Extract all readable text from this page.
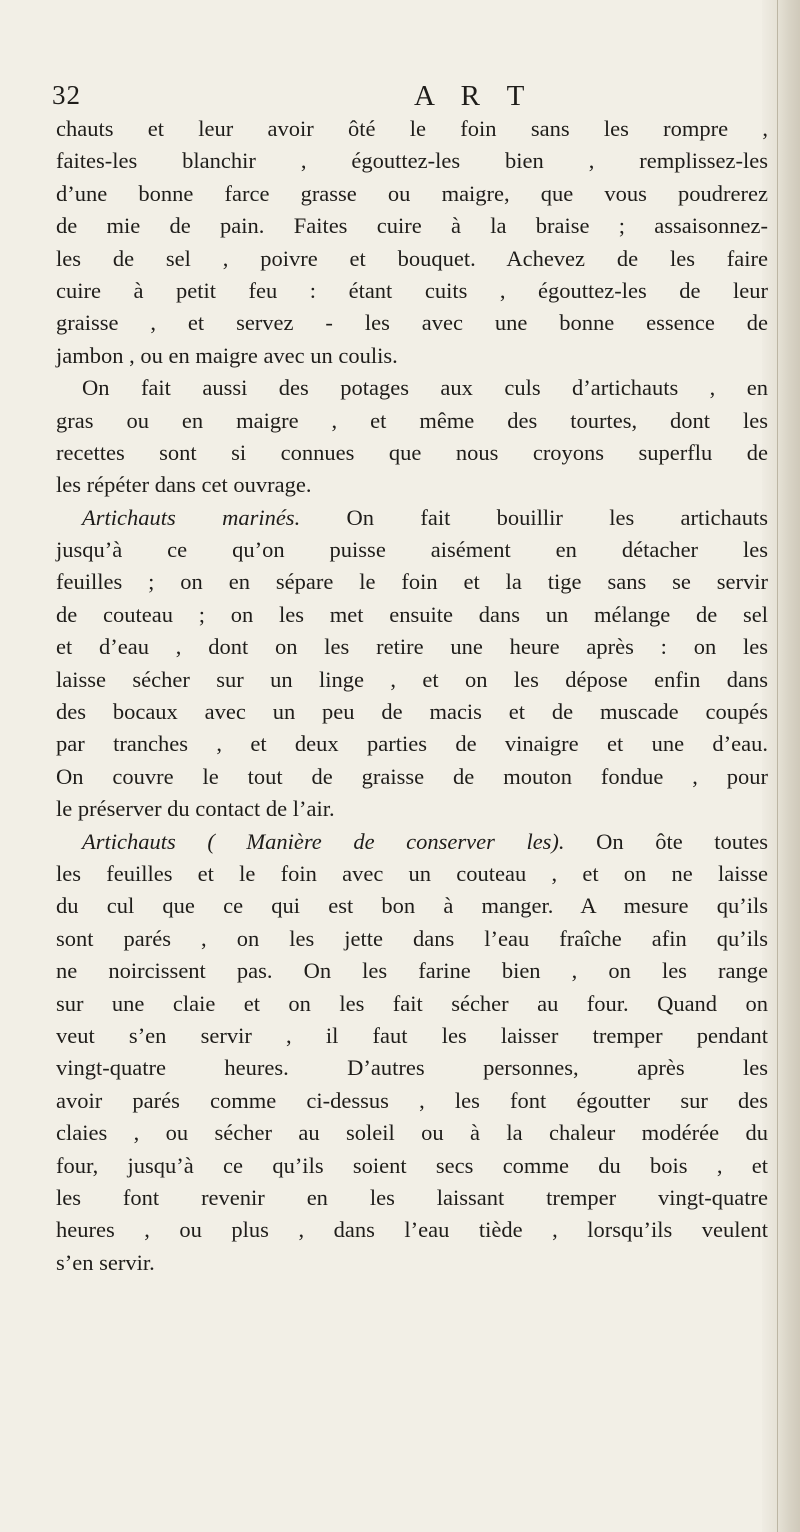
32	A R T
chauts et leur avoir ôté le foin sans les rompre ,
faites-les blanchir , égouttez-les bien , remplissez-les
d’une bonne farce grasse ou maigre, que vous poudrerez
de mie de pain. Faites cuire à la braise ; assaisonnez-
les de sel , poivre et bouquet. Achevez de les faire
cuire à petit feu : étant cuits , égouttez-les de leur
graisse , et servez - les avec une bonne essence de
jambon , ou en maigre avec un coulis.
On fait aussi des potages aux culs d’artichauts , en
gras ou en maigre , et même des tourtes, dont les
recettes sont si connues que nous croyons superflu de
les répéter dans cet ouvrage.
Artichauts marinés. On fait bouillir les artichauts
jusqu’à ce qu’on puisse aisément en détacher les
feuilles ; on en sépare le foin et la tige sans se servir
de couteau ; on les met ensuite dans un mélange de sel
et d’eau , dont on les retire une heure après : on les
laisse sécher sur un linge , et on les dépose enfin dans
des bocaux avec un peu de macis et de muscade coupés
par tranches , et deux parties de vinaigre et une d’eau.
On couvre le tout de graisse de mouton fondue , pour
le préserver du contact de l’air.
Artichauts ( Manière de conserver les). On ôte toutes
les feuilles et le foin avec un couteau , et on ne laisse
du cul que ce qui est bon à manger. A mesure qu’ils
sont parés , on les jette dans l’eau fraîche afin qu’ils
ne noircissent pas. On les farine bien , on les range
sur une claie et on les fait sécher au four. Quand on
veut s’en servir , il faut les laisser tremper pendant
vingt-quatre heures. D’autres personnes, après les
avoir parés comme ci-dessus , les font égoutter sur des
claies , ou sécher au soleil ou à la chaleur modérée du
four, jusqu’à ce qu’ils soient secs comme du bois , et
les font revenir en les laissant tremper vingt-quatre
heures , ou plus , dans l’eau tiède , lorsqu’ils veulent
s’en servir.
